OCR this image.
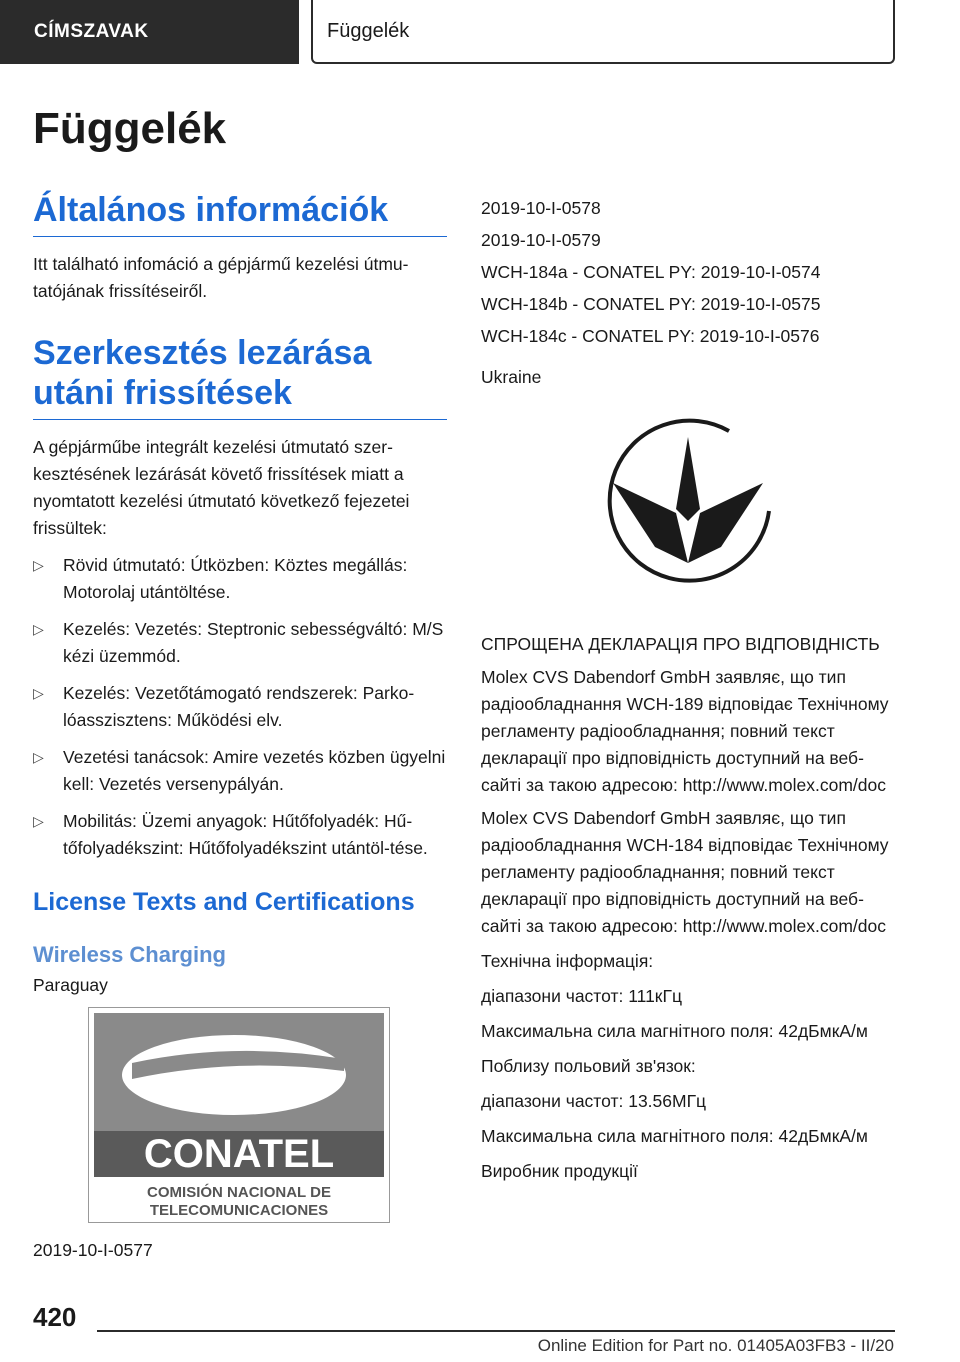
CÍMSZAVAK	Függelék
Függelék
Általános információk

Itt található infomáció a gépjármű kezelési útmu-tatójának frissítéseiről.

Szerkesztés lezárása utáni frissítések

A gépjárműbe integrált kezelési útmutató szer-kesztésének lezárását követő frissítések miatt a nyomtatott kezelési útmutató következő fejezetei frissültek:

▷ Rövid útmutató: Útközben: Köztes megállás: Motorolaj utántöltése.
▷ Kezelés: Vezetés: Steptronic sebességváltó: M/S kézi üzemmód.
▷ Kezelés: Vezetőtámogató rendszerek: Parko-lóasszisztens: Működési elv.
▷ Vezetési tanácsok: Amire vezetés közben ügyelni kell: Vezetés versenypályán.
▷ Mobilitás: Üzemi anyagok: Hűtőfolyadék: Hű-tőfolyadékszint: Hűtőfolyadékszint utántöl-tése.
License Texts and Certifications
Wireless Charging

Paraguay

CONATEL
COMISIÓN NACIONAL DE
TELECOMUNICACIONES

2019-10-I-0577

2019-10-I-0578

2019-10-I-0579

WCH-184a - CONATEL PY: 2019-10-I-0574

WCH-184b - CONATEL PY: 2019-10-I-0575

WCH-184c - CONATEL PY: 2019-10-I-0576

Ukraine

СПРОЩЕНА ДЕКЛАРАЦІЯ ПРО ВІДПОВІДНІСТЬ

Molex CVS Dabendorf GmbH заявляє, що тип радіообладнання WCH-189 відповідає Технічному регламенту радіообладнання; повний текст декларації про відповідність доступний на веб-сайті за такою адресою: http://www.molex.com/doc

Molex CVS Dabendorf GmbH заявляє, що тип радіообладнання WCH-184 відповідає Технічному регламенту радіообладнання; повний текст декларації про відповідність доступний на веб-сайті за такою адресою: http://www.molex.com/doc

Технічна інформація:

діапазони частот: 111кГц

Максимальна сила магнітного поля: 42дБмкА/м

Поблизу польовий зв'язок:

діапазони частот: 13.56МГц

Максимальна сила магнітного поля: 42дБмкА/м

Виробник продукції

420
Online Edition for Part no. 01405A03FB3 - II/20
